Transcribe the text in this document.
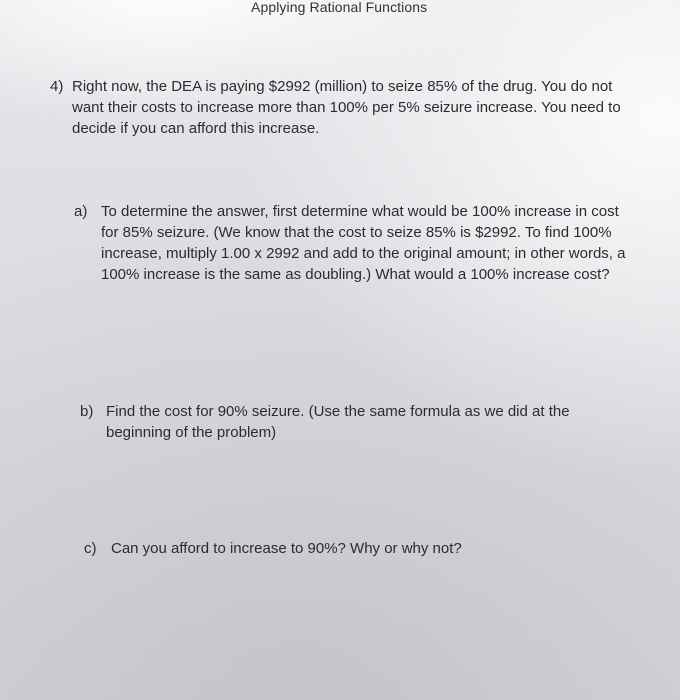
Applying Rational Functions
4) Right now, the DEA is paying $2992 (million) to seize 85% of the drug. You do not want their costs to increase more than 100% per 5% seizure increase. You need to decide if you can afford this increase.
a) To determine the answer, first determine what would be 100% increase in cost for 85% seizure. (We know that the cost to seize 85% is $2992. To find 100% increase, multiply 1.00 x 2992 and add to the original amount; in other words, a 100% increase is the same as doubling.) What would a 100% increase cost?
b) Find the cost for 90% seizure. (Use the same formula as we did at the beginning of the problem)
c) Can you afford to increase to 90%? Why or why not?
